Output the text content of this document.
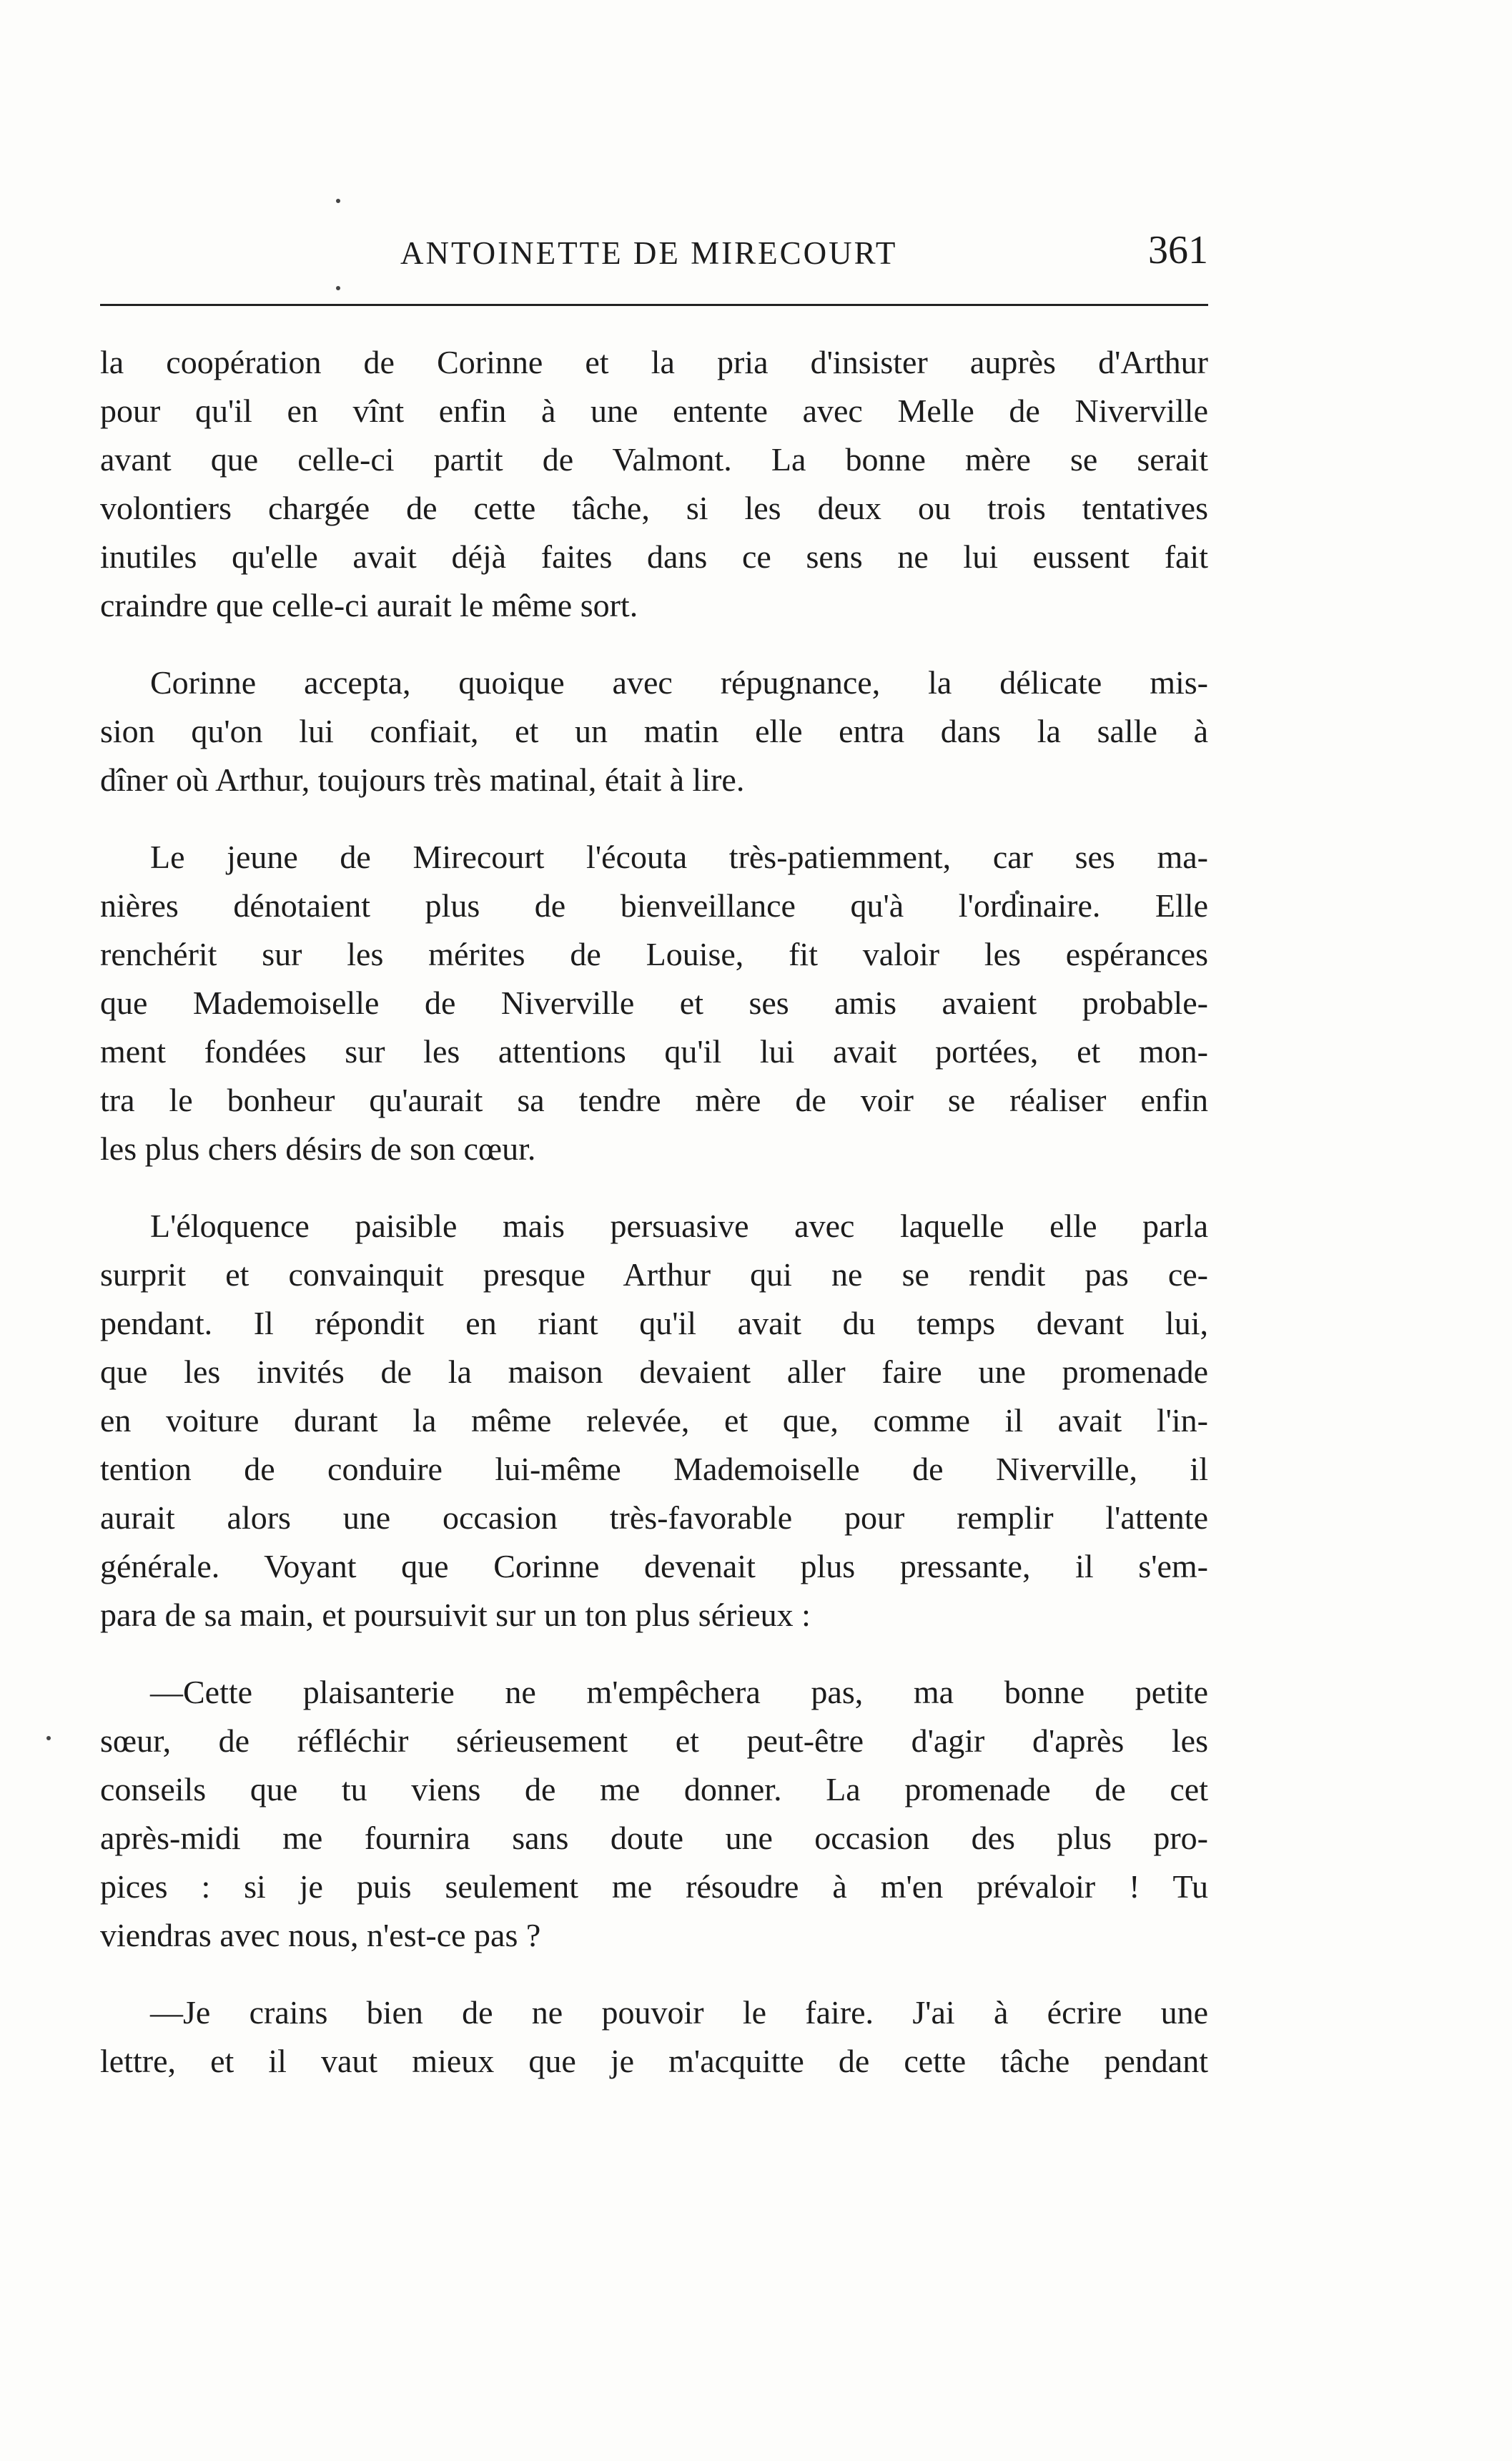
ANTOINETTE DE MIRECOURT	361
la coopération de Corinne et la pria d'insister auprès d'Arthur
pour qu'il en vînt enfin à une entente avec Melle de Niverville
avant que celle-ci partit de Valmont. La bonne mère se serait
volontiers chargée de cette tâche, si les deux ou trois tentatives
inutiles qu'elle avait déjà faites dans ce sens ne lui eussent fait
craindre que celle-ci aurait le même sort.
Corinne accepta, quoique avec répugnance, la délicate mis-
sion qu'on lui confiait, et un matin elle entra dans la salle à
dîner où Arthur, toujours très matinal, était à lire.
Le jeune de Mirecourt l'écouta très-patiemment, car ses ma-
nières dénotaient plus de bienveillance qu'à l'ordinaire. Elle
renchérit sur les mérites de Louise, fit valoir les espérances
que Mademoiselle de Niverville et ses amis avaient probable-
ment fondées sur les attentions qu'il lui avait portées, et mon-
tra le bonheur qu'aurait sa tendre mère de voir se réaliser enfin
les plus chers désirs de son cœur.
L'éloquence paisible mais persuasive avec laquelle elle parla
surprit et convainquit presque Arthur qui ne se rendit pas ce-
pendant. Il répondit en riant qu'il avait du temps devant lui,
que les invités de la maison devaient aller faire une promenade
en voiture durant la même relevée, et que, comme il avait l'in-
tention de conduire lui-même Mademoiselle de Niverville, il
aurait alors une occasion très-favorable pour remplir l'attente
générale. Voyant que Corinne devenait plus pressante, il s'em-
para de sa main, et poursuivit sur un ton plus sérieux :
—Cette plaisanterie ne m'empêchera pas, ma bonne petite
sœur, de réfléchir sérieusement et peut-être d'agir d'après les
conseils que tu viens de me donner. La promenade de cet
après-midi me fournira sans doute une occasion des plus pro-
pices : si je puis seulement me résoudre à m'en prévaloir ! Tu
viendras avec nous, n'est-ce pas ?
—Je crains bien de ne pouvoir le faire. J'ai à écrire une
lettre, et il vaut mieux que je m'acquitte de cette tâche pendant
